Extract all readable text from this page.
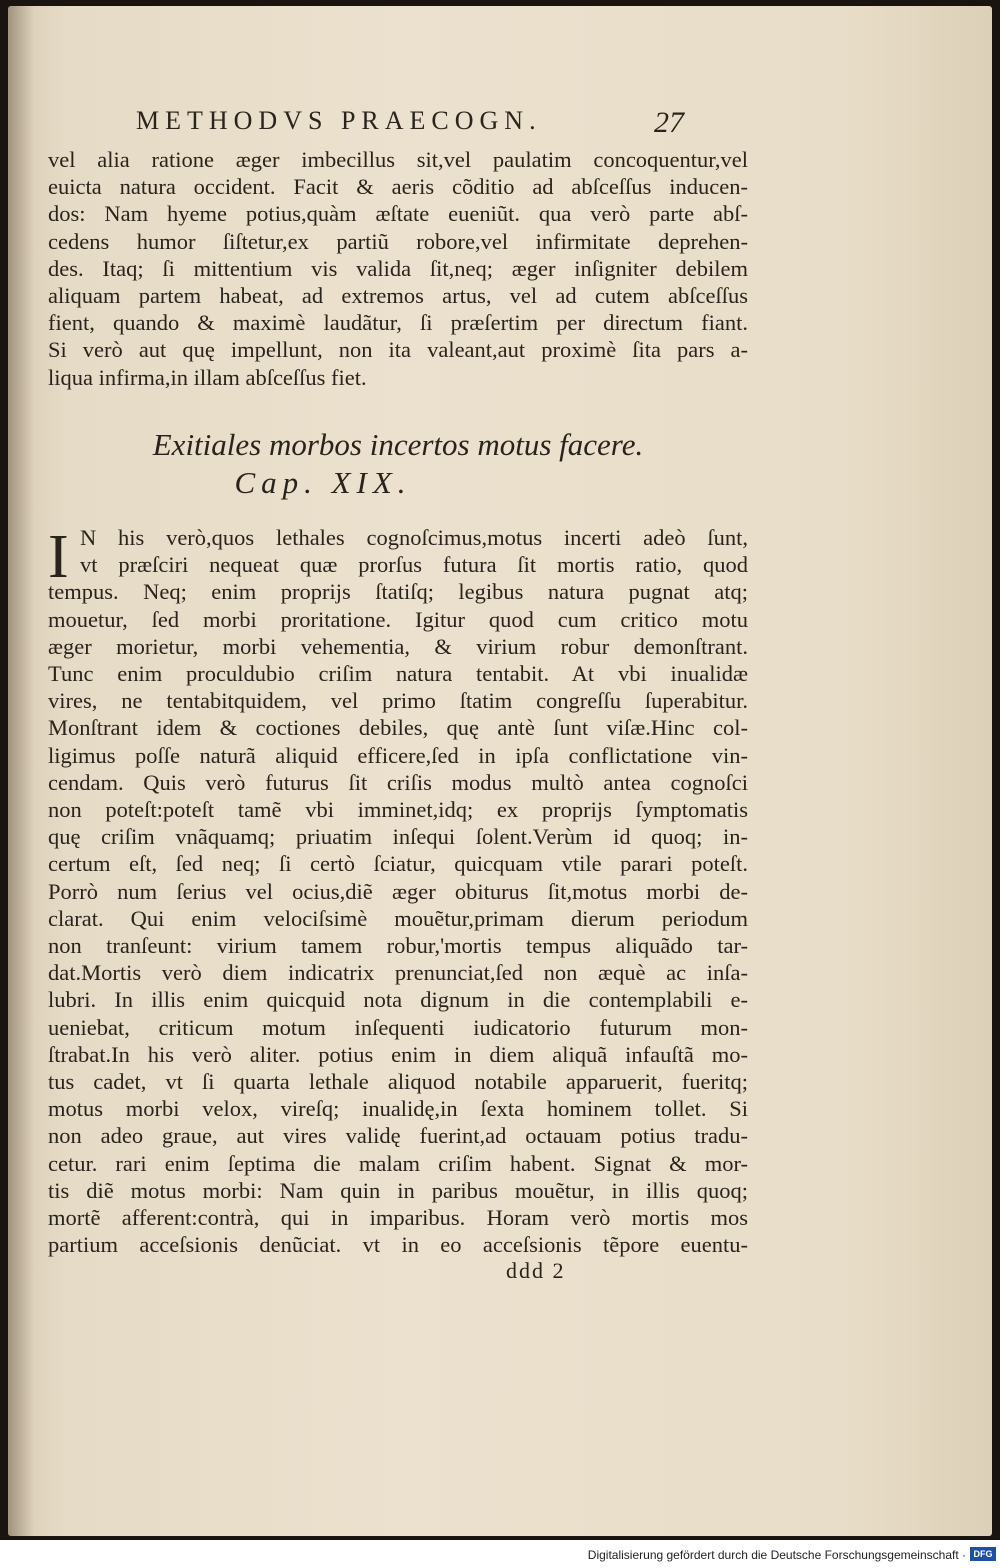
METHODVS PRAECOGN.	27
vel alia ratione æger imbecillus sit,vel paulatim concoquentur,vel
euicta natura occident. Facit & aeris cõditio ad abſceſſus inducen-
dos: Nam hyeme potius,quàm æſtate eueniũt. qua verò parte abſ-
cedens humor ſiſtetur,ex partiũ robore,vel infirmitate deprehen-
des. Itaq; ſi mittentium vis valida ſit,neq; æger inſigniter debilem
aliquam partem habeat, ad extremos artus, vel ad cutem abſceſſus
fient, quando & maximè laudãtur, ſi præſertim per directum fiant.
Si verò aut quę impellunt, non ita valeant,aut proximè ſita pars a-
liqua infirma,in illam abſceſſus fiet.
Exitiales morbos incertos motus facere.
Cap. XIX.
I N his verò,quos lethales cognoſcimus,motus incerti adeò ſunt,
vt præſciri nequeat quæ prorſus futura ſit mortis ratio, quod
tempus. Neq; enim proprijs ſtatiſq; legibus natura pugnat atq;
mouetur, ſed morbi proritatione. Igitur quod cum critico motu
æger morietur, morbi vehementia, & virium robur demonſtrant.
Tunc enim proculdubio criſim natura tentabit. At vbi inualidæ
vires, ne tentabitquidem, vel primo ſtatim congreſſu ſuperabitur.
Monſtrant idem & coctiones debiles, quę antè ſunt viſæ.Hinc col-
ligimus poſſe naturã aliquid efficere,ſed in ipſa conflictatione vin-
cendam. Quis verò futurus ſit criſis modus multò antea cognoſci
non poteſt:poteſt tamẽ vbi imminet,idq; ex proprijs ſymptomatis
quę criſim vnãquamq; priuatim inſequi ſolent.Verùm id quoq; in-
certum eſt, ſed neq; ſi certò ſciatur, quicquam vtile parari poteſt.
Porrò num ſerius vel ocius,diẽ æger obiturus ſit,motus morbi de-
clarat. Qui enim velociſsimè mouẽtur,primam dierum periodum
non tranſeunt: virium tamem robur,'mortis tempus aliquãdo tar-
dat.Mortis verò diem indicatrix prenunciat,ſed non æquè ac inſa-
lubri. In illis enim quicquid nota dignum in die contemplabili e-
ueniebat, criticum motum inſequenti iudicatorio futurum mon-
ſtrabat.In his verò aliter. potius enim in diem aliquã infauſtã mo-
tus cadet, vt ſi quarta lethale aliquod notabile apparuerit, fueritq;
motus morbi velox, vireſq; inualidę,in ſexta hominem tollet. Si
non adeo graue, aut vires validę fuerint,ad octauam potius tradu-
cetur. rari enim ſeptima die malam criſim habent. Signat & mor-
tis diẽ motus morbi: Nam quin in paribus mouẽtur, in illis quoq;
mortẽ afferent:contrà, qui in imparibus. Horam verò mortis mos
partium acceſsionis denũciat. vt in eo acceſsionis tẽpore euentu-
ddd 2
Digitalisierung gefördert durch die Deutsche Forschungsgemeinschaft · DFG
